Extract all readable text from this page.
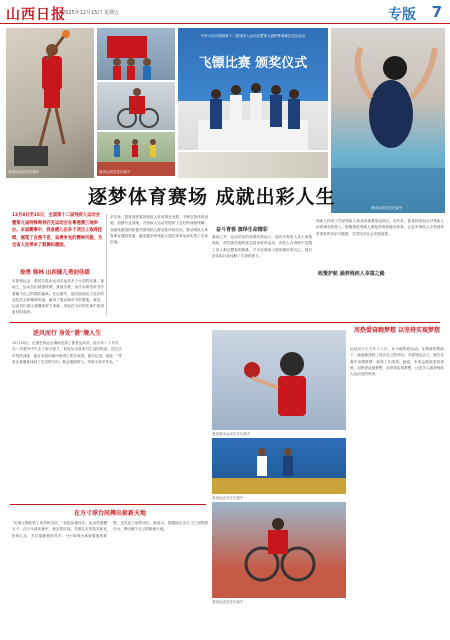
山西日报
2025年12月15日 星期五	专版 7
我省运动员在比赛中	我省运动员在比赛中
中华人民共和国第十二届残疾人运动会暨第九届特殊奥林匹克运动会
飞镖比赛 颁奖仪式
我省运动员在比赛中
逐梦体育赛场 成就出彩人生
12月8日至15日，全国第十二届残疾人运动会暨第九届特殊奥林匹克运动会在粤港澳三地举办。本届赛事中，我省健儿在多个项目上取得佳绩，展现了自强不息、奋勇争先的精神风貌，为全省人民带来了鼓舞和激励。
徐勇 韩林 山西健儿勇创佳绩
本届残运会，我省共派出运动员参加多个大项的比赛。赛场上，运动员们顽强拼搏、挑战自我，用汗水和坚持书写着属于自己的精彩篇章。在比赛中，他们展现出了良好的竞技状态和精神风貌，赢得了观众和对手的尊重。赛后，运动员们表示将继续努力训练，争取在今后的比赛中取得更好的成绩。
多年来，我省高度重视残疾人体育事业发展，不断完善体育设施，加强专业训练，为残疾人运动员提供了良好的训练保障。各级残联组织积极开展残疾人群众性体育活动，推动残疾人体育事业蓬勃发展，越来越多的残疾人通过体育运动实现了自身价值。
奋斗青春 演绎生命精彩
赛场之外，运动员们的故事同样动人。他们中有的人从小身患残疾，却凭借坚强的意志投身体育运动；有的人在训练中克服了常人难以想象的困难，只为在赛场上展现最好的自己。他们用实际行动诠释了生命的意义。
政策护航 涵养残疾人幸福之路
残疾人体育工作是残疾人事业的重要组成部分。近年来，我省持续加大对残疾人体育事业的投入，积极推进残疾人康复体育和健身体育，让更多残疾人享受到体育带来的快乐与健康，共享经济社会发展成果。
逆风而行 身处"谐"境人生	用热爱奋跑梦想 以坚持实现梦想
12月14日，记者在残运会赛场见到了我省运动员。他今年二十多岁，在一次意外中失去了部分视力，但他从未放弃对生活的热爱。经过多年刻苦训练，他在本届比赛中取得了优异成绩。面对记者，他说：“体育让我重新找到了生活的方向，我会继续努力，争取为家乡争光。”
我省游泳运动员在比赛中
我省运动员在比赛中
运动员小王今年十八岁，从小就热爱运动。在教练的帮助下，她逐渐找到了适合自己的项目。本届残运会上，她在比赛中奋勇拼搏，取得了好成绩。她说，未来会继续坚持训练，用热爱追逐梦想，用坚持实现梦想，让更多人看到残疾人运动员的风采。
在方寸球台间搏出崭新天地
“比赛让我收获了成长和自信。”说起参赛经历，运动员感慨万千。在乒乓球比赛中，他沉着应战，凭借扎实的技术和良好的心态，多次战胜强劲对手。小小的球台承载着他的梦想，也见证了他的成长。他表示，将继续在这方寸之间挥洒汗水，搏出属于自己的崭新天地。
我省运动员在比赛中
